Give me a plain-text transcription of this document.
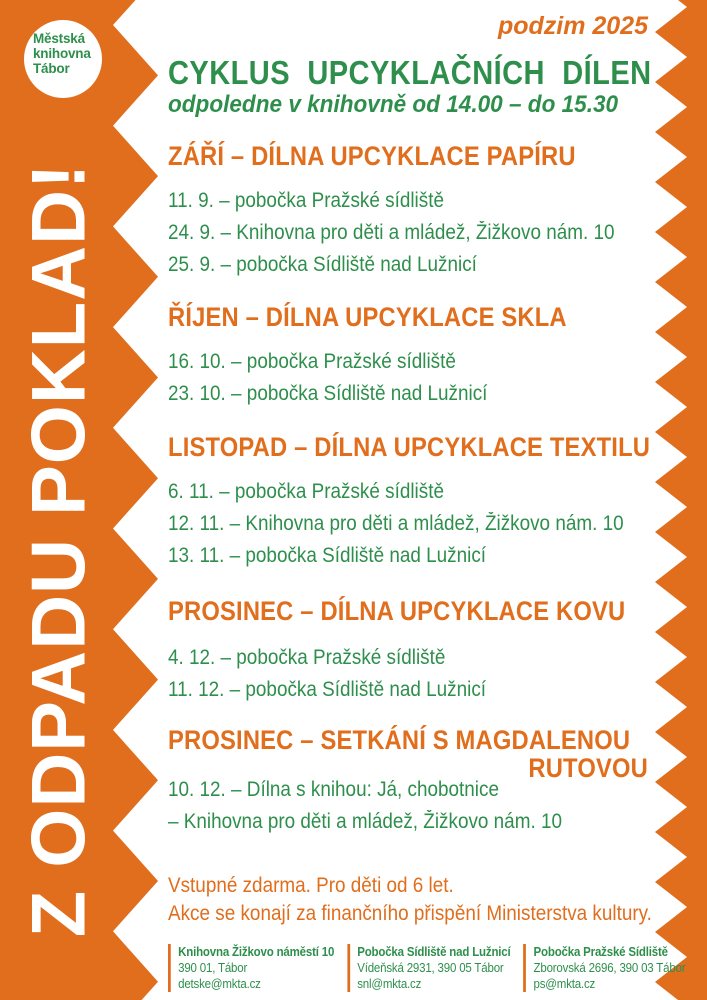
Městská
knihovna
Tábor
Z ODPADU POKLAD!
podzim 2025
CYKLUS UPCYKLAČNÍCH DÍLEN
odpoledne v knihovně od 14.00 – do 15.30
ZÁŘÍ – DÍLNA UPCYKLACE PAPÍRU
11. 9. – pobočka Pražské sídliště
24. 9. – Knihovna pro děti a mládež, Žižkovo nám. 10
25. 9. – pobočka Sídliště nad Lužnicí
ŘÍJEN – DÍLNA UPCYKLACE SKLA
16. 10. – pobočka Pražské sídliště
23. 10. – pobočka Sídliště nad Lužnicí
LISTOPAD – DÍLNA UPCYKLACE TEXTILU
6. 11. – pobočka Pražské sídliště
12. 11. – Knihovna pro děti a mládež, Žižkovo nám. 10
13. 11. – pobočka Sídliště nad Lužnicí
PROSINEC – DÍLNA UPCYKLACE KOVU
4. 12. – pobočka Pražské sídliště
11. 12. – pobočka Sídliště nad Lužnicí
PROSINEC – SETKÁNÍ S MAGDALENOU
RUTOVOU
10. 12. – Dílna s knihou: Já, chobotnice
– Knihovna pro děti a mládež, Žižkovo nám. 10
Vstupné zdarma. Pro děti od 6 let.
Akce se konají za finančního přispění Ministerstva kultury.
Knihovna Žižkovo náměstí 10
390 01, Tábor
detske@mkta.cz
Pobočka Sídliště nad Lužnicí
Vídeňská 2931, 390 05 Tábor
snl@mkta.cz
Pobočka Pražské Sídliště
Zborovská 2696, 390 03 Tábor
ps@mkta.cz
